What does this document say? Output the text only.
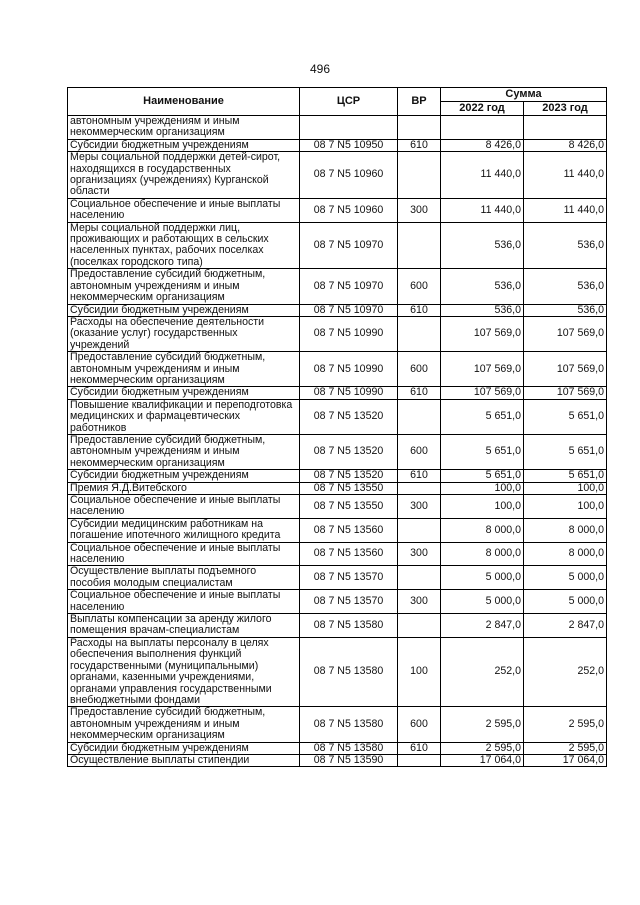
496
Наименование	ЦСР	ВР	Сумма	
			2022 год	2023 год
автономным учреждениям и иным некоммерческим организациям				
Субсидии бюджетным учреждениям	08 7 N5 10950	610	8 426,0	8 426,0
Меры социальной поддержки детей-сирот, находящихся в государственных организациях (учреждениях) Курганской области	08 7 N5 10960		11 440,0	11 440,0
Социальное обеспечение и иные выплаты населению	08 7 N5 10960	300	11 440,0	11 440,0
Меры социальной поддержки лиц, проживающих и работающих в сельских населенных пунктах, рабочих поселках (поселках городского типа)	08 7 N5 10970		536,0	536,0
Предоставление субсидий бюджетным, автономным учреждениям и иным некоммерческим организациям	08 7 N5 10970	600	536,0	536,0
Субсидии бюджетным учреждениям	08 7 N5 10970	610	536,0	536,0
Расходы на обеспечение деятельности (оказание услуг) государственных учреждений	08 7 N5 10990		107 569,0	107 569,0
Предоставление субсидий бюджетным, автономным учреждениям и иным некоммерческим организациям	08 7 N5 10990	600	107 569,0	107 569,0
Субсидии бюджетным учреждениям	08 7 N5 10990	610	107 569,0	107 569,0
Повышение квалификации и переподготовка медицинских и фармацевтических работников	08 7 N5 13520		5 651,0	5 651,0
Предоставление субсидий бюджетным, автономным учреждениям и иным некоммерческим организациям	08 7 N5 13520	600	5 651,0	5 651,0
Субсидии бюджетным учреждениям	08 7 N5 13520	610	5 651,0	5 651,0
Премия Я.Д.Витебского	08 7 N5 13550		100,0	100,0
Социальное обеспечение и иные выплаты населению	08 7 N5 13550	300	100,0	100,0
Субсидии медицинским работникам на погашение ипотечного жилищного кредита	08 7 N5 13560		8 000,0	8 000,0
Социальное обеспечение и иные выплаты населению	08 7 N5 13560	300	8 000,0	8 000,0
Осуществление выплаты подъемного пособия молодым специалистам	08 7 N5 13570		5 000,0	5 000,0
Социальное обеспечение и иные выплаты населению	08 7 N5 13570	300	5 000,0	5 000,0
Выплаты компенсации за аренду жилого помещения врачам-специалистам	08 7 N5 13580		2 847,0	2 847,0
Расходы на выплаты персоналу в целях обеспечения выполнения функций государственными (муниципальными) органами, казенными учреждениями, органами управления государственными внебюджетными фондами	08 7 N5 13580	100	252,0	252,0
Предоставление субсидий бюджетным, автономным учреждениям и иным некоммерческим организациям	08 7 N5 13580	600	2 595,0	2 595,0
Субсидии бюджетным учреждениям	08 7 N5 13580	610	2 595,0	2 595,0
Осуществление выплаты стипендии	08 7 N5 13590		17 064,0	17 064,0
